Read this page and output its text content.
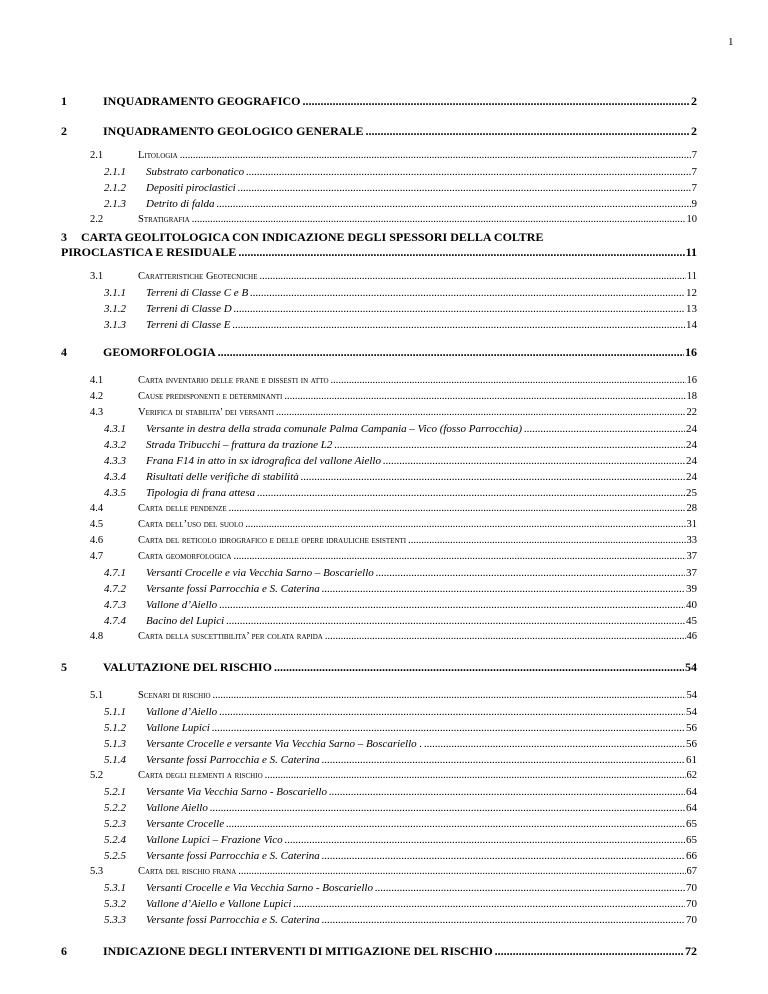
1
1	INQUADRAMENTO GEOGRAFICO .....	2
2	INQUADRAMENTO GEOLOGICO GENERALE .....	2
2.1	Litologia .....	7
2.1.1	Substrato carbonatico .....	7
2.1.2	Depositi piroclastici .....	7
2.1.3	Detrito di falda .....	9
2.2	Stratigrafia .....	10
3 CARTA GEOLITOLOGICA CON INDICAZIONE DEGLI SPESSORI DELLA COLTRE
PIROCLASTICA E RESIDUALE .....	11
3.1	Caratteristiche Geotecniche .....	11
3.1.1	Terreni di Classe C e B .....	12
3.1.2	Terreni di Classe D .....	13
3.1.3	Terreni di Classe E .....	14
4	GEOMORFOLOGIA .....	16
4.1	Carta inventario delle frane e dissesti in atto .....	16
4.2	Cause predisponenti e determinanti .....	18
4.3	Verifica di stabilita' dei versanti .....	22
4.3.1	Versante in destra della strada comunale Palma Campania – Vico (fosso Parrocchia) .....	24
4.3.2	Strada Tribucchi – frattura da trazione L2 .....	24
4.3.3	Frana F14 in atto in sx idrografica del vallone Aiello .....	24
4.3.4	Risultati delle verifiche di stabilità .....	24
4.3.5	Tipologia di frana attesa .....	25
4.4	Carta delle pendenze .....	28
4.5	Carta dell’uso del suolo .....	31
4.6	Carta del reticolo idrografico e delle opere idrauliche esistenti .....	33
4.7	Carta geomorfologica .....	37
4.7.1	Versanti Crocelle e via Vecchia Sarno – Boscariello .....	37
4.7.2	Versante fossi Parrocchia e S. Caterina .....	39
4.7.3	Vallone d’Aiello .....	40
4.7.4	Bacino del Lupici .....	45
4.8	Carta della suscettibilita’ per colata rapida .....	46
5	VALUTAZIONE DEL RISCHIO .....	54
5.1	Scenari di rischio .....	54
5.1.1	Vallone d’Aiello .....	54
5.1.2	Vallone Lupici .....	56
5.1.3	Versante Crocelle e versante Via Vecchia Sarno – Boscariello . .....	56
5.1.4	Versante fossi Parrocchia e S. Caterina .....	61
5.2	Carta degli elementi a rischio .....	62
5.2.1	Versante Via Vecchia Sarno - Boscariello .....	64
5.2.2	Vallone Aiello .....	64
5.2.3	Versante Crocelle .....	65
5.2.4	Vallone Lupici – Frazione Vico .....	65
5.2.5	Versante fossi Parrocchia e S. Caterina .....	66
5.3	Carta del rischio frana .....	67
5.3.1	Versanti Crocelle e Via Vecchia Sarno - Boscariello .....	70
5.3.2	Vallone d’Aiello e Vallone Lupici .....	70
5.3.3	Versante fossi Parrocchia e S. Caterina .....	70
6	INDICAZIONE DEGLI INTERVENTI DI MITIGAZIONE DEL RISCHIO .....	72
